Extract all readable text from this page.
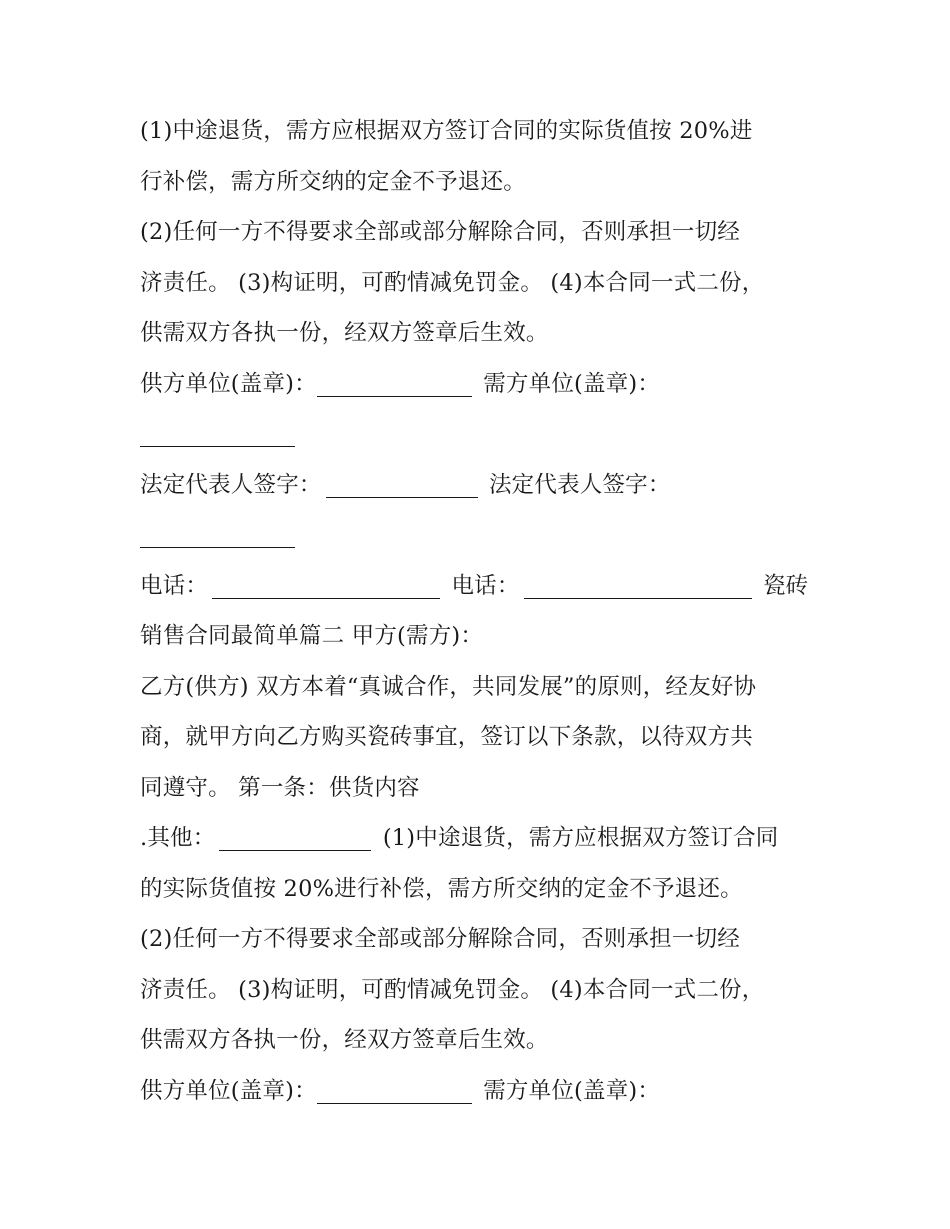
(1)中途退货，需方应根据双方签订合同的实际货值按 20%进
行补偿，需方所交纳的定金不予退还。
(2)任何一方不得要求全部或部分解除合同，否则承担一切经
济责任。 (3)构证明，可酌情减免罚金。 (4)本合同一式二份，
供需双方各执一份，经双方签章后生效。
供方单位(盖章)：	需方单位(盖章)：
法定代表人签字：	法定代表人签字：
电话：	电话：	瓷砖
销售合同最简单篇二 甲方(需方)：
乙方(供方) 双方本着“真诚合作，共同发展”的原则，经友好协
商，就甲方向乙方购买瓷砖事宜，签订以下条款，以待双方共
同遵守。 第一条：供货内容
.其他：	(1)中途退货，需方应根据双方签订合同
的实际货值按 20%进行补偿，需方所交纳的定金不予退还。
(2)任何一方不得要求全部或部分解除合同，否则承担一切经
济责任。 (3)构证明，可酌情减免罚金。 (4)本合同一式二份，
供需双方各执一份，经双方签章后生效。
供方单位(盖章)：	需方单位(盖章)：
